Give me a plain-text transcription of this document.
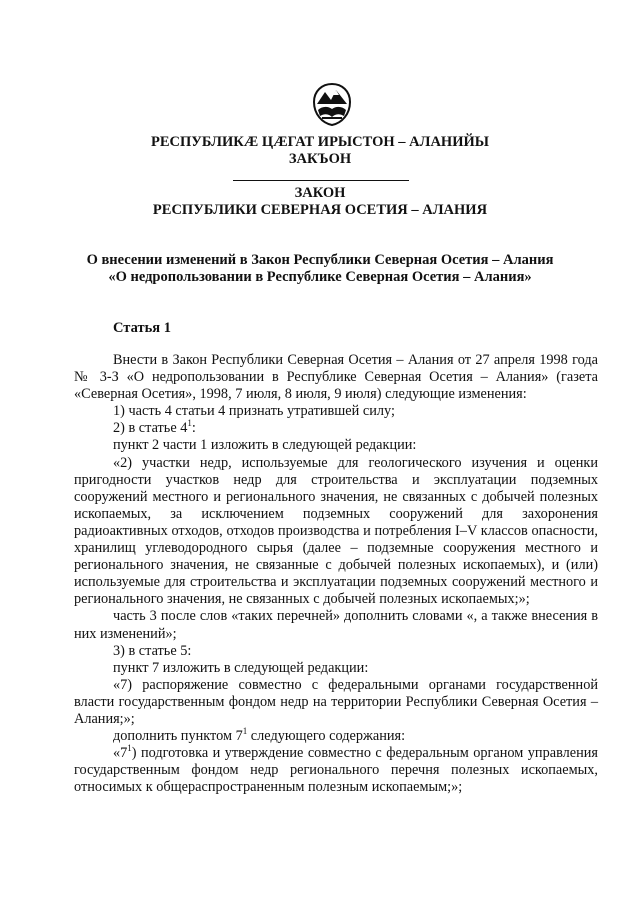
РЕСПУБЛИКÆ ЦÆГАТ ИРЫСТОН – АЛАНИЙЫ
ЗАКЪОН
ЗАКОН
РЕСПУБЛИКИ СЕВЕРНАЯ ОСЕТИЯ – АЛАНИЯ
О внесении изменений в Закон Республики Северная Осетия – Алания
«О недропользовании в Республике Северная Осетия – Алания»
Статья 1

Внести в Закон Республики Северная Осетия – Алания от 27 апреля 1998 года № 3-З «О недропользовании в Республике Северная Осетия – Алания» (газета «Северная Осетия», 1998, 7 июля, 8 июля, 9 июля) следующие изменения:

1) часть 4 статьи 4 признать утратившей силу;

2) в статье $4^1$:

пункт 2 части 1 изложить в следующей редакции:

«2) участки недр, используемые для геологического изучения и оценки пригодности участков недр для строительства и эксплуатации подземных сооружений местного и регионального значения, не связанных с добычей полезных ископаемых, за исключением подземных сооружений для захоронения радиоактивных отходов, отходов производства и потребления I–V классов опасности, хранилищ углеводородного сырья (далее – подземные сооружения местного и регионального значения, не связанные с добычей полезных ископаемых), и (или) используемые для строительства и эксплуатации подземных сооружений местного и регионального значения, не связанных с добычей полезных ископаемых;»;

часть 3 после слов «таких перечней» дополнить словами «, а также внесения в них изменений»;

3) в статье 5:

пункт 7 изложить в следующей редакции:

«7) распоряжение совместно с федеральными органами государственной власти государственным фондом недр на территории Республики Северная Осетия – Алания;»;

дополнить пунктом $7^1$ следующего содержания:

«$7^1$) подготовка и утверждение совместно с федеральным органом управления государственным фондом недр регионального перечня полезных ископаемых, относимых к общераспространенным полезным ископаемым;»;
